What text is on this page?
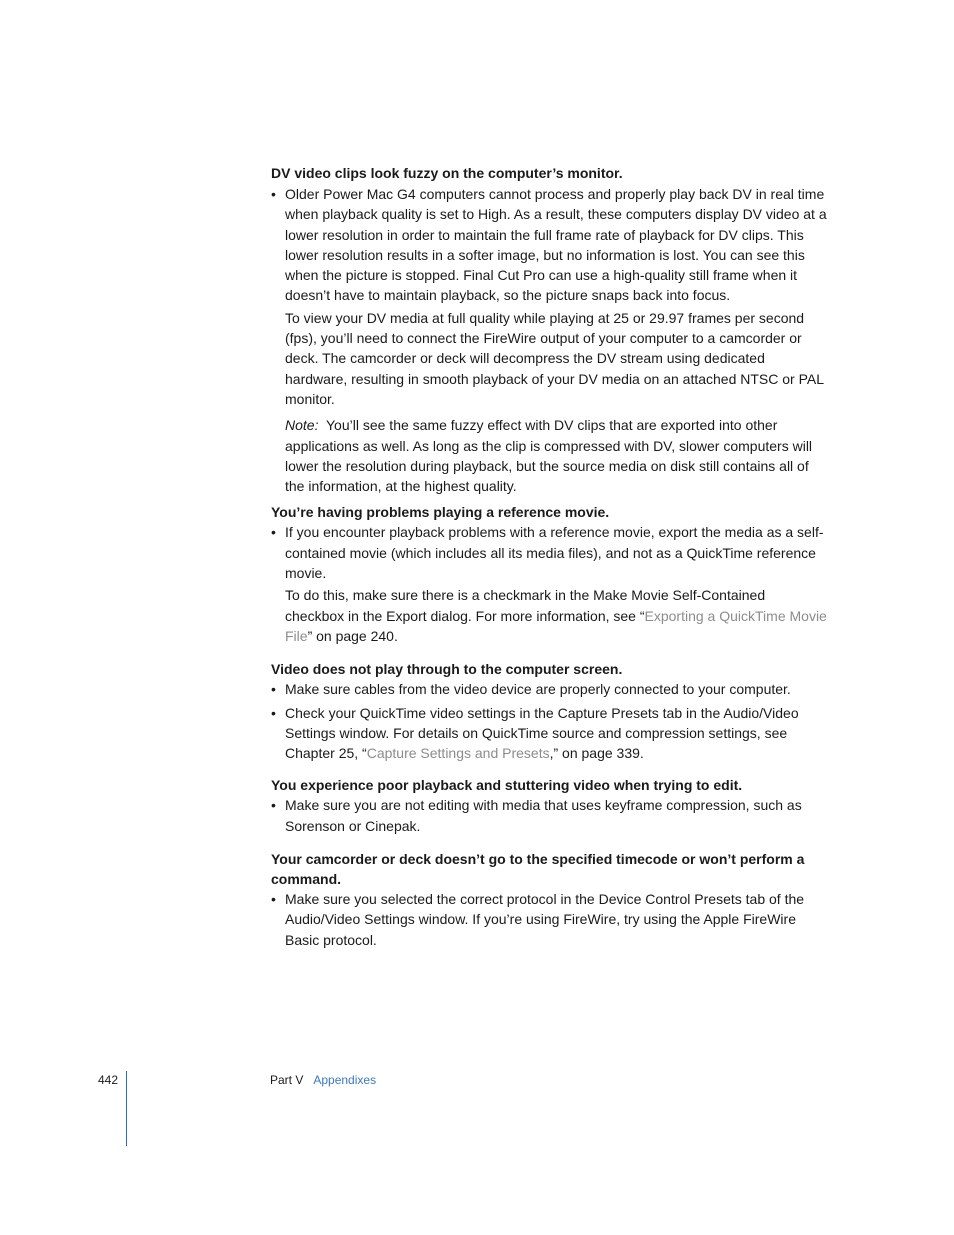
DV video clips look fuzzy on the computer’s monitor.

• Older Power Mac G4 computers cannot process and properly play back DV in real time when playback quality is set to High. As a result, these computers display DV video at a lower resolution in order to maintain the full frame rate of playback for DV clips. This lower resolution results in a softer image, but no information is lost. You can see this when the picture is stopped. Final Cut Pro can use a high-quality still frame when it doesn’t have to maintain playback, so the picture snaps back into focus.

To view your DV media at full quality while playing at 25 or 29.97 frames per second (fps), you’ll need to connect the FireWire output of your computer to a camcorder or deck. The camcorder or deck will decompress the DV stream using dedicated hardware, resulting in smooth playback of your DV media on an attached NTSC or PAL monitor.

Note: You’ll see the same fuzzy effect with DV clips that are exported into other applications as well. As long as the clip is compressed with DV, slower computers will lower the resolution during playback, but the source media on disk still contains all of the information, at the highest quality.

You’re having problems playing a reference movie.

• If you encounter playback problems with a reference movie, export the media as a self-contained movie (which includes all its media files), and not as a QuickTime reference movie.

To do this, make sure there is a checkmark in the Make Movie Self-Contained checkbox in the Export dialog. For more information, see “Exporting a QuickTime Movie File” on page 240.

Video does not play through to the computer screen.

• Make sure cables from the video device are properly connected to your computer.

• Check your QuickTime video settings in the Capture Presets tab in the Audio/Video Settings window. For details on QuickTime source and compression settings, see Chapter 25, “Capture Settings and Presets,” on page 339.

You experience poor playback and stuttering video when trying to edit.

• Make sure you are not editing with media that uses keyframe compression, such as Sorenson or Cinepak.

Your camcorder or deck doesn’t go to the specified timecode or won’t perform a command.

• Make sure you selected the correct protocol in the Device Control Presets tab of the Audio/Video Settings window. If you’re using FireWire, try using the Apple FireWire Basic protocol.

442	Part V Appendixes
